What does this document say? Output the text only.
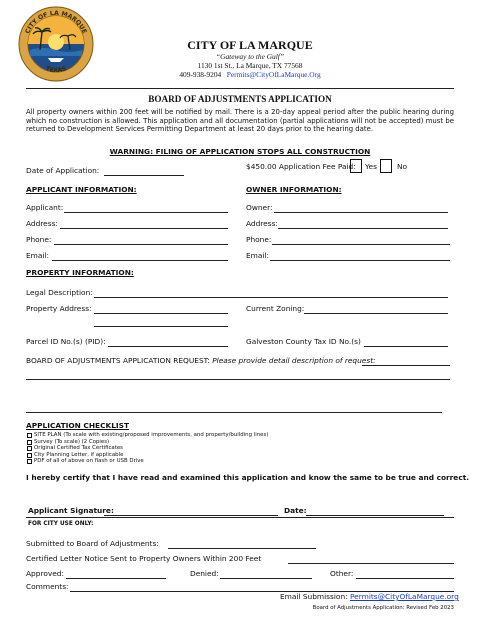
CITY OF LA MARQUE
TEXAS
CITY OF LA MARQUE
“Gateway to the Gulf”
1130 1st St., La Marque, TX 77568
409-938-9204 Permits@CityOfLaMarque.Org
BOARD OF ADJUSTMENTS APPLICATION
All property owners within 200 feet will be notified by mail. There is a 20-day appeal period after the public hearing during which no construction is allowed. This application and all documentation (partial applications will not be accepted) must be returned to Development Services Permitting Department at least 20 days prior to the hearing date.
WARNING: FILING OF APPLICATION STOPS ALL CONSTRUCTION
Date of Application:	$450.00 Application Fee Paid: Yes	No
APPLICANT INFORMATION:	OWNER INFORMATION:
Applicant:	Owner:
Address:	Address:
Phone:	Phone:
Email:	Email:
PROPERTY INFORMATION:
Legal Description:
Property Address:	Current Zoning:
Parcel ID No.(s) (PID):	Galveston County Tax ID No.(s)
BOARD OF ADJUSTMENTS APPLICATION REQUEST: Please provide detail description of request:
APPLICATION CHECKLIST
SITE PLAN (To scale with existing/proposed improvements, and property/building lines)
Survey (To scale) (2 Copies)
Original Certified Tax Certificates
City Planning Letter, if applicable
PDF of all of above on flash or USB Drive
I hereby certify that I have read and examined this application and know the same to be true and correct.
Applicant Signature:	Date:
FOR CITY USE ONLY:
Submitted to Board of Adjustments:
Certified Letter Notice Sent to Property Owners Within 200 Feet
Approved:	Denied:	Other:
Comments:
Email Submission: Permits@CityOfLaMarque.org
Board of Adjustments Application: Revised Feb 2023
